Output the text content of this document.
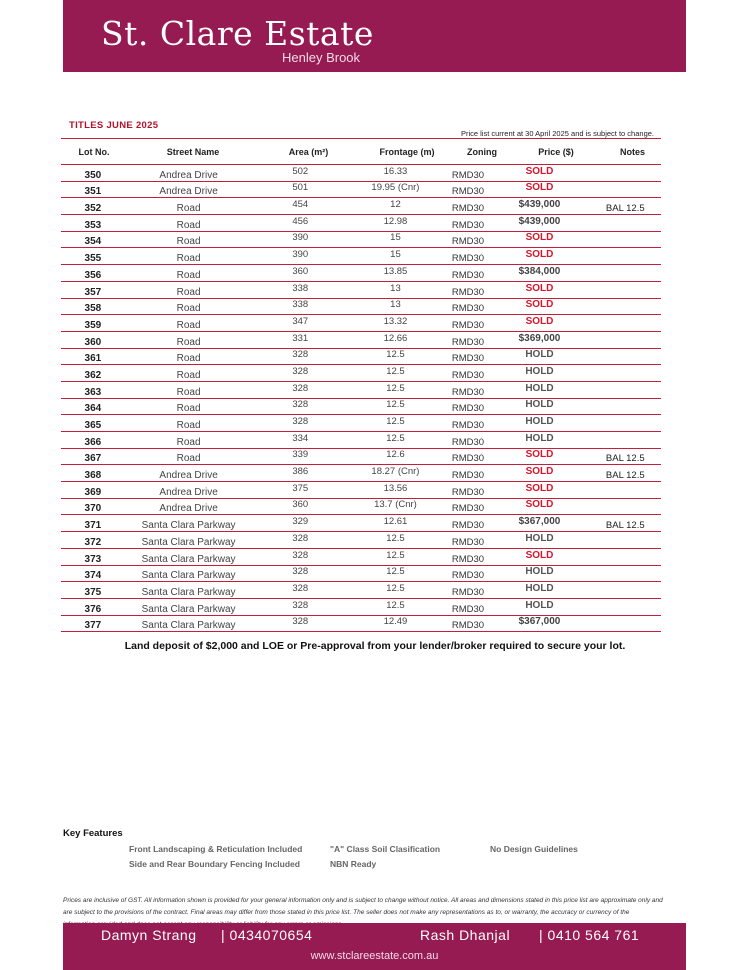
St. Clare Estate
Henley Brook
TITLES JUNE 2025
Price list current at 30 April 2025 and is subject to change.
Lot No.	Street Name	Area (m²)	Frontage (m)	Zoning	Price ($)	Notes
350	Andrea Drive	502	16.33	RMD30	SOLD
351	Andrea Drive	501	19.95 (Cnr)	RMD30	SOLD
352	Road	454	12	RMD30	$439,000	BAL 12.5
353	Road	456	12.98	RMD30	$439,000
354	Road	390	15	RMD30	SOLD
355	Road	390	15	RMD30	SOLD
356	Road	360	13.85	RMD30	$384,000
357	Road	338	13	RMD30	SOLD
358	Road	338	13	RMD30	SOLD
359	Road	347	13.32	RMD30	SOLD
360	Road	331	12.66	RMD30	$369,000
361	Road	328	12.5	RMD30	HOLD
362	Road	328	12.5	RMD30	HOLD
363	Road	328	12.5	RMD30	HOLD
364	Road	328	12.5	RMD30	HOLD
365	Road	328	12.5	RMD30	HOLD
366	Road	334	12.5	RMD30	HOLD
367	Road	339	12.6	RMD30	SOLD	BAL 12.5
368	Andrea Drive	386	18.27 (Cnr)	RMD30	SOLD	BAL 12.5
369	Andrea Drive	375	13.56	RMD30	SOLD
370	Andrea Drive	360	13.7 (Cnr)	RMD30	SOLD
371	Santa Clara Parkway	329	12.61	RMD30	$367,000	BAL 12.5
372	Santa Clara Parkway	328	12.5	RMD30	HOLD
373	Santa Clara Parkway	328	12.5	RMD30	SOLD
374	Santa Clara Parkway	328	12.5	RMD30	HOLD
375	Santa Clara Parkway	328	12.5	RMD30	HOLD
376	Santa Clara Parkway	328	12.5	RMD30	HOLD
377	Santa Clara Parkway	328	12.49	RMD30	$367,000
Land deposit of $2,000 and LOE or Pre-approval from your lender/broker required to secure your lot.
Key Features
Front Landscaping & Reticulation Included	"A" Class Soil Clasification	No Design Guidelines
Side and Rear Boundary Fencing Included	NBN Ready
Prices are inclusive of GST. All information shown is provided for your general information only and is subject to change without notice. All areas and dimensions stated in this price list are approximate only and are subject to the provisions of the contract. Final areas may differ from those stated in this price list. The seller does not make any representations as to, or warranty, the accuracy or currency of the
Damyn Strang | 0434070654	Rash Dhanjal | 0410 564 761
www.stclareestate.com.au
